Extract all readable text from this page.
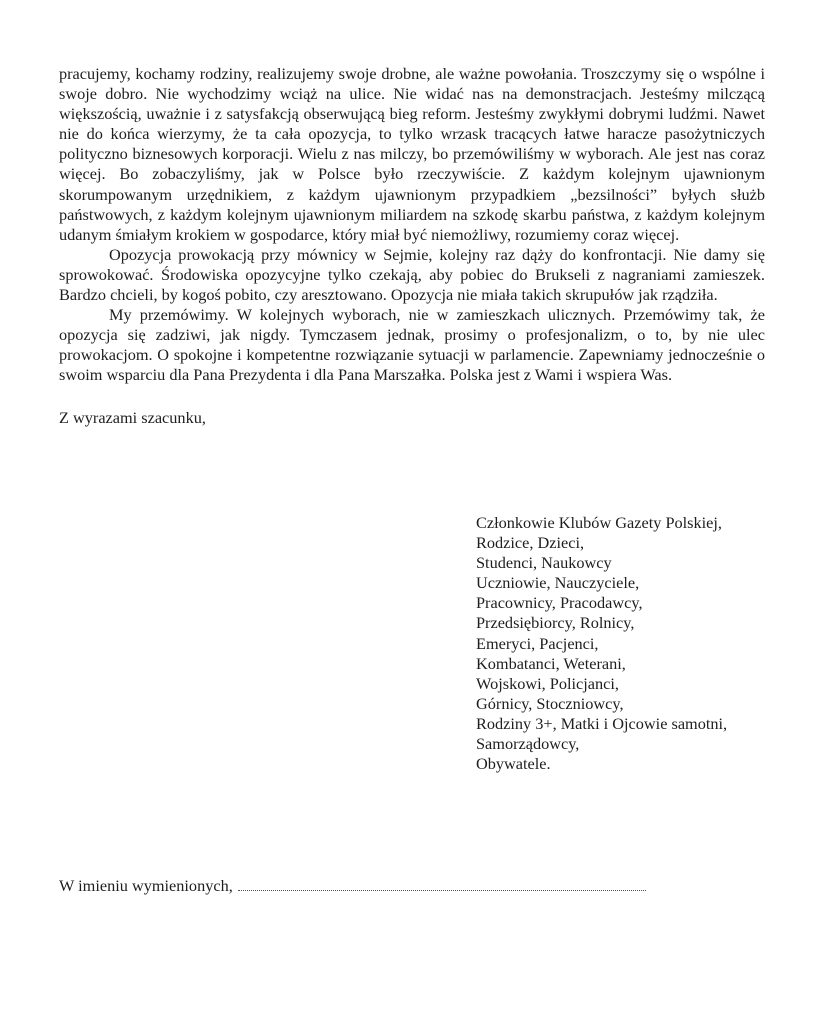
pracujemy, kochamy rodziny, realizujemy swoje drobne, ale ważne powołania. Troszczymy się o wspólne i swoje dobro. Nie wychodzimy wciąż na ulice. Nie widać nas na demonstracjach. Jesteśmy milczącą większością, uważnie i z satysfakcją obserwującą bieg reform. Jesteśmy zwykłymi dobrymi ludźmi. Nawet nie do końca wierzymy, że ta cała opozycja, to tylko wrzask tracących łatwe haracze pasożytniczych polityczno biznesowych korporacji. Wielu z nas milczy, bo przemówiliśmy w wyborach. Ale jest nas coraz więcej. Bo zobaczyliśmy, jak w Polsce było rzeczywiście. Z każdym kolejnym ujawnionym skorumpowanym urzędnikiem, z każdym ujawnionym przypadkiem „bezsilności” byłych służb państwowych, z każdym kolejnym ujawnionym miliardem na szkodę skarbu państwa, z każdym kolejnym udanym śmiałym krokiem w gospodarce, który miał być niemożliwy, rozumiemy coraz więcej.

Opozycja prowokacją przy mównicy w Sejmie, kolejny raz dąży do konfrontacji. Nie damy się sprowokować. Środowiska opozycyjne tylko czekają, aby pobiec do Brukseli z nagraniami zamieszek. Bardzo chcieli, by kogoś pobito, czy aresztowano. Opozycja nie miała takich skrupułów jak rządziła.

My przemówimy. W kolejnych wyborach, nie w zamieszkach ulicznych. Przemówimy tak, że opozycja się zadziwi, jak nigdy. Tymczasem jednak, prosimy o profesjonalizm, o to, by nie ulec prowokacjom. O spokojne i kompetentne rozwiązanie sytuacji w parlamencie. Zapewniamy jednocześnie o swoim wsparciu dla Pana Prezydenta i dla Pana Marszałka. Polska jest z Wami i wspiera Was.

Z wyrazami szacunku,

Członkowie Klubów Gazety Polskiej,
Rodzice, Dzieci,
Studenci, Naukowcy
Uczniowie, Nauczyciele,
Pracownicy, Pracodawcy,
Przedsiębiorcy, Rolnicy,
Emeryci, Pacjenci,
Kombatanci, Weterani,
Wojskowi, Policjanci,
Górnicy, Stoczniowcy,
Rodziny 3+, Matki i Ojcowie samotni,
Samorządowcy,
Obywatele.
W imieniu wymienionych,
